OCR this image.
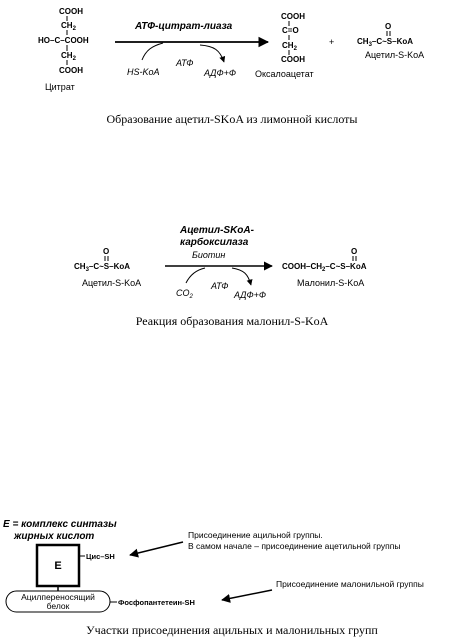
COOH
$CH_2$
HO–C–COOH
$CH_2$
COOH
Цитрат
АТФ-цитрат-лиаза
HS-KoA
АТФ
АДФ+Ф
COOH
C=O
$CH_2$
COOH
Оксалоацетат
+
O
$CH_3-C\sim S$–KoA
Ацетил-S-KoA
Образование ацетил-SKoA из лимонной кислоты
O
$CH_3-C\sim S$–KoA
Ацетил-S-KoA
Ацетил-SKoA-
карбоксилаза
Биотин
$CO_2$
АТФ
АДФ+Ф
O
COOH–$CH_2-C\sim S$–KoA
Малонил-S-KoA
Реакция образования малонил-S-KoA
E = комплекс синтазы
жирных кислот
E
Цис–SH
Ацилпереносящий
белок	Фосфопантетеин-SH
Присоединение ацильной группы.
В самом начале – присоединение ацетильной группы
Присоединение малонильной группы
Участки присоединения ацильных и малонильных групп
